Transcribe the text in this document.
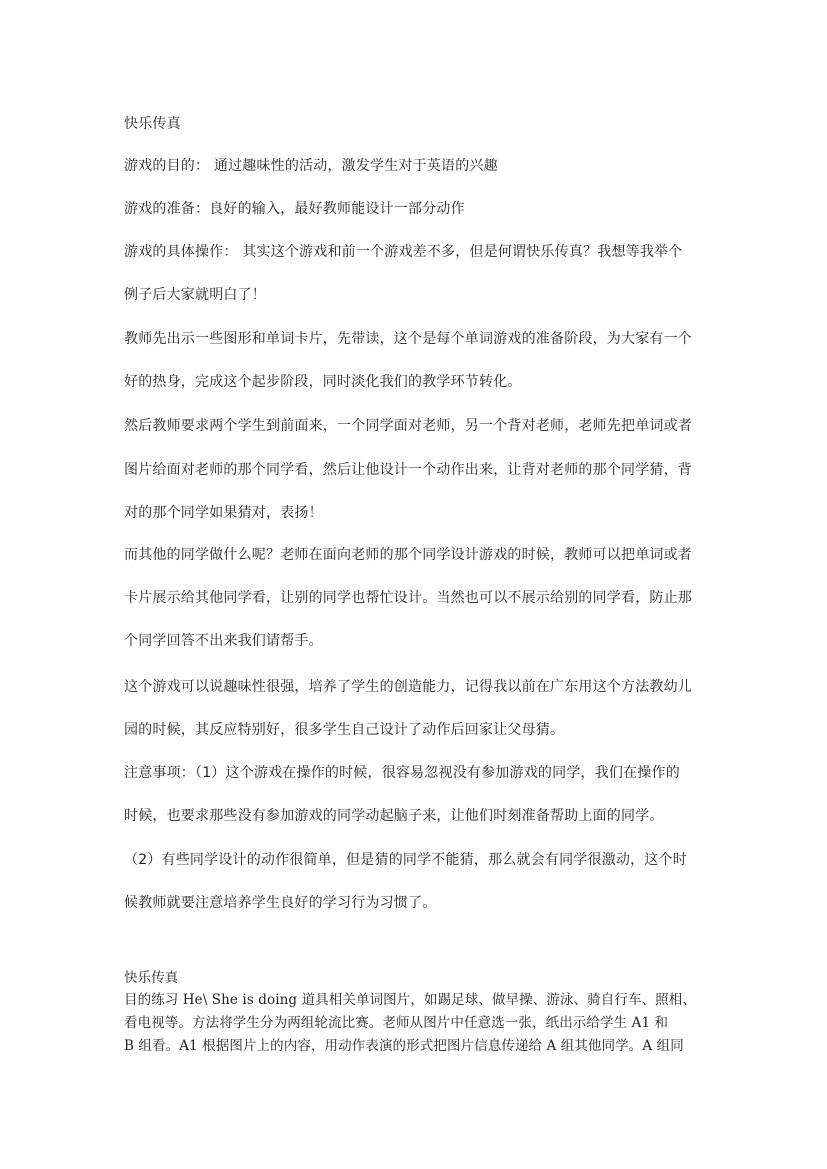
快乐传真
游戏的目的： 通过趣味性的活动，激发学生对于英语的兴趣
游戏的准备：良好的输入，最好教师能设计一部分动作
游戏的具体操作： 其实这个游戏和前一个游戏差不多，但是何谓快乐传真？我想等我举个
例子后大家就明白了！
教师先出示一些图形和单词卡片，先带读，这个是每个单词游戏的准备阶段，为大家有一个
好的热身，完成这个起步阶段，同时淡化我们的教学环节转化。
然后教师要求两个学生到前面来，一个同学面对老师，另一个背对老师，老师先把单词或者
图片给面对老师的那个同学看，然后让他设计一个动作出来，让背对老师的那个同学猜，背
对的那个同学如果猜对，表扬！
而其他的同学做什么呢？老师在面向老师的那个同学设计游戏的时候，教师可以把单词或者
卡片展示给其他同学看，让别的同学也帮忙设计。当然也可以不展示给别的同学看，防止那
个同学回答不出来我们请帮手。
这个游戏可以说趣味性很强，培养了学生的创造能力，记得我以前在广东用这个方法教幼儿
园的时候，其反应特别好，很多学生自己设计了动作后回家让父母猜。
注意事项：（1）这个游戏在操作的时候，很容易忽视没有参加游戏的同学，我们在操作的
时候，也要求那些没有参加游戏的同学动起脑子来，让他们时刻准备帮助上面的同学。
（2）有些同学设计的动作很简单，但是猜的同学不能猜，那么就会有同学很激动，这个时
候教师就要注意培养学生良好的学习行为习惯了。
快乐传真
目的练习 He\ She is doing 道具相关单词图片，如踢足球、做早操、游泳、骑自行车、照相、
看电视等。方法将学生分为两组轮流比赛。老师从图片中任意选一张，纸出示给学生 A1 和
B 组看。A1 根据图片上的内容，用动作表演的形式把图片信息传递给 A 组其他同学。A 组同
